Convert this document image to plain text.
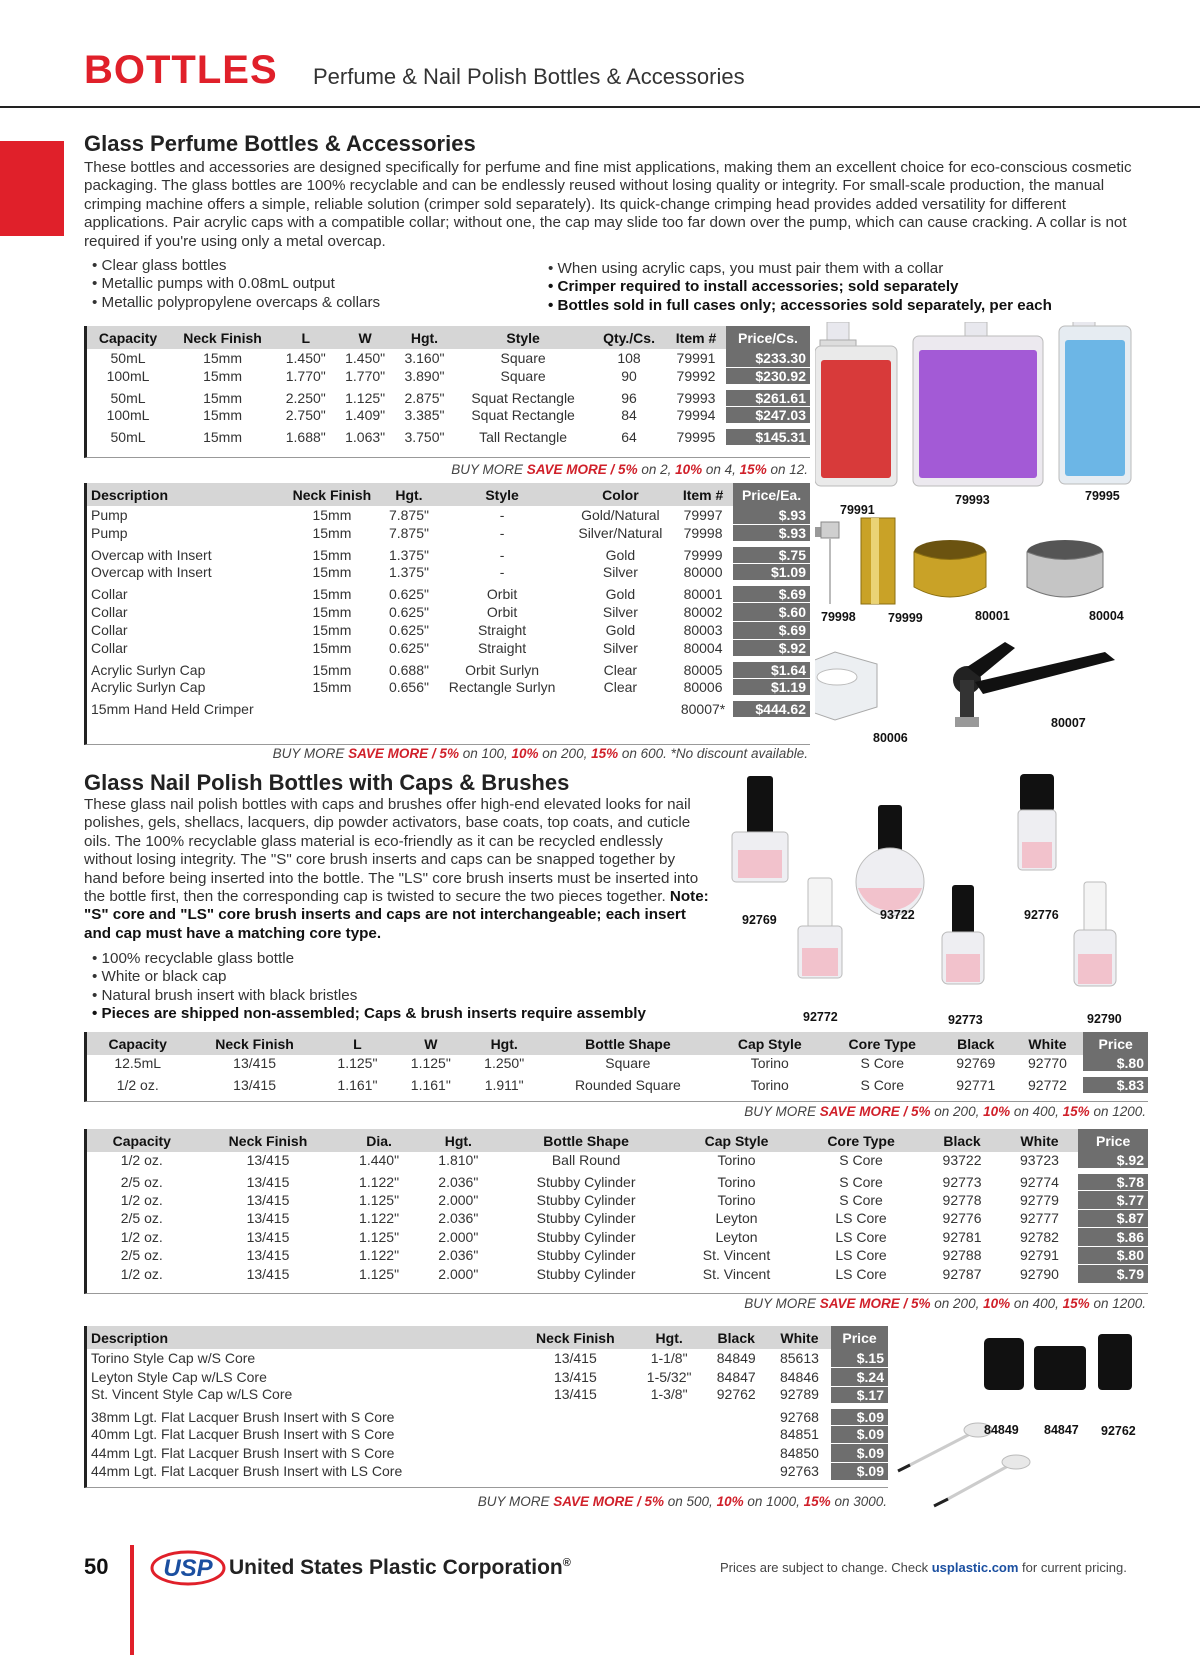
BOTTLES Perfume & Nail Polish Bottles & Accessories
Glass Perfume Bottles & Accessories
These bottles and accessories are designed specifically for perfume and fine mist applications, making them an excellent choice for eco-conscious cosmetic packaging. The glass bottles are 100% recyclable and can be endlessly reused without losing quality or integrity. For small-scale production, the manual crimping machine offers a simple, reliable solution (crimper sold separately). Its quick-change crimping head provides added versatility for different applications. Pair acrylic caps with a compatible collar; without one, the cap may slide too far down over the pump, which can cause cracking. A collar is not required if you're using only a metal overcap.
• Clear glass bottles
• Metallic pumps with 0.08mL output
• Metallic polypropylene overcaps & collars
• When using acrylic caps, you must pair them with a collar
• Crimper required to install accessories; sold separately
• Bottles sold in full cases only; accessories sold separately, per each
Capacity	Neck Finish	L	W	Hgt.	Style	Qty./Cs.	Item #	Price/Cs.
50mL	15mm	1.450"	1.450"	3.160"	Square	108	79991	$233.30
100mL	15mm	1.770"	1.770"	3.890"	Square	90	79992	$230.92
50mL	15mm	2.250"	1.125"	2.875"	Squat Rectangle	96	79993	$261.61
100mL	15mm	2.750"	1.409"	3.385"	Squat Rectangle	84	79994	$247.03
50mL	15mm	1.688"	1.063"	3.750"	Tall Rectangle	64	79995	$145.31
BUY MORE SAVE MORE / 5% on 2, 10% on 4, 15% on 12.
Description	Neck Finish	Hgt.	Style	Color	Item #	Price/Ea.
Pump	15mm	7.875"	-	Gold/Natural	79997	$.93
Pump	15mm	7.875"	-	Silver/Natural	79998	$.93
Overcap with Insert	15mm	1.375"	-	Gold	79999	$.75
Overcap with Insert	15mm	1.375"	-	Silver	80000	$1.09
Collar	15mm	0.625"	Orbit	Gold	80001	$.69
Collar	15mm	0.625"	Orbit	Silver	80002	$.60
Collar	15mm	0.625"	Straight	Gold	80003	$.69
Collar	15mm	0.625"	Straight	Silver	80004	$.92
Acrylic Surlyn Cap	15mm	0.688"	Orbit Surlyn	Clear	80005	$1.64
Acrylic Surlyn Cap	15mm	0.656"	Rectangle Surlyn	Clear	80006	$1.19
15mm Hand Held Crimper					80007*	$444.62
BUY MORE SAVE MORE / 5% on 100, 10% on 200, 15% on 600. *No discount available.
79991
79993	79995
79998	79999	80001	80004
80006
80007
Glass Nail Polish Bottles with Caps & Brushes
These glass nail polish bottles with caps and brushes offer high-end elevated looks for nail polishes, gels, shellacs, lacquers, dip powder activators, base coats, top coats, and cuticle oils. The 100% recyclable glass material is eco-friendly as it can be recycled endlessly without losing integrity. The "S" core brush inserts and caps can be snapped together by hand before being inserted into the bottle. The "LS" core brush inserts must be inserted into the bottle first, then the corresponding cap is twisted to secure the two pieces together. Note: "S" core and "LS" core brush inserts and caps are not interchangeable; each insert and cap must have a matching core type.
• 100% recyclable glass bottle
• White or black cap
• Natural brush insert with black bristles
• Pieces are shipped non-assembled; Caps & brush inserts require assembly
92769	93722	92776
92772	92773	92790
Capacity	Neck Finish	L	W	Hgt.	Bottle Shape	Cap Style	Core Type	Black	White	Price
12.5mL	13/415	1.125"	1.125"	1.250"	Square	Torino	S Core	92769	92770	$.80
1/2 oz.	13/415	1.161"	1.161"	1.911"	Rounded Square	Torino	S Core	92771	92772	$.83
BUY MORE SAVE MORE / 5% on 200, 10% on 400, 15% on 1200.
Capacity	Neck Finish	Dia.	Hgt.	Bottle Shape	Cap Style	Core Type	Black	White	Price
1/2 oz.	13/415	1.440"	1.810"	Ball Round	Torino	S Core	93722	93723	$.92
2/5 oz.	13/415	1.122"	2.036"	Stubby Cylinder	Torino	S Core	92773	92774	$.78
1/2 oz.	13/415	1.125"	2.000"	Stubby Cylinder	Torino	S Core	92778	92779	$.77
2/5 oz.	13/415	1.122"	2.036"	Stubby Cylinder	Leyton	LS Core	92776	92777	$.87
1/2 oz.	13/415	1.125"	2.000"	Stubby Cylinder	Leyton	LS Core	92781	92782	$.86
2/5 oz.	13/415	1.122"	2.036"	Stubby Cylinder	St. Vincent	LS Core	92788	92791	$.80
1/2 oz.	13/415	1.125"	2.000"	Stubby Cylinder	St. Vincent	LS Core	92787	92790	$.79
BUY MORE SAVE MORE / 5% on 200, 10% on 400, 15% on 1200.
Description	Neck Finish	Hgt.	Black	White	Price
Torino Style Cap w/S Core	13/415	1-1/8"	84849	85613	$.15
Leyton Style Cap w/LS Core	13/415	1-5/32"	84847	84846	$.24
St. Vincent Style Cap w/LS Core	13/415	1-3/8"	92762	92789	$.17
38mm Lgt. Flat Lacquer Brush Insert with S Core				92768	$.09
40mm Lgt. Flat Lacquer Brush Insert with S Core				84851	$.09
44mm Lgt. Flat Lacquer Brush Insert with S Core				84850	$.09
44mm Lgt. Flat Lacquer Brush Insert with LS Core				92763	$.09
BUY MORE SAVE MORE / 5% on 500, 10% on 1000, 15% on 3000.
84849 84847 92762
50 USP United States Plastic Corporation®	Prices are subject to change. Check usplastic.com for current pricing.
